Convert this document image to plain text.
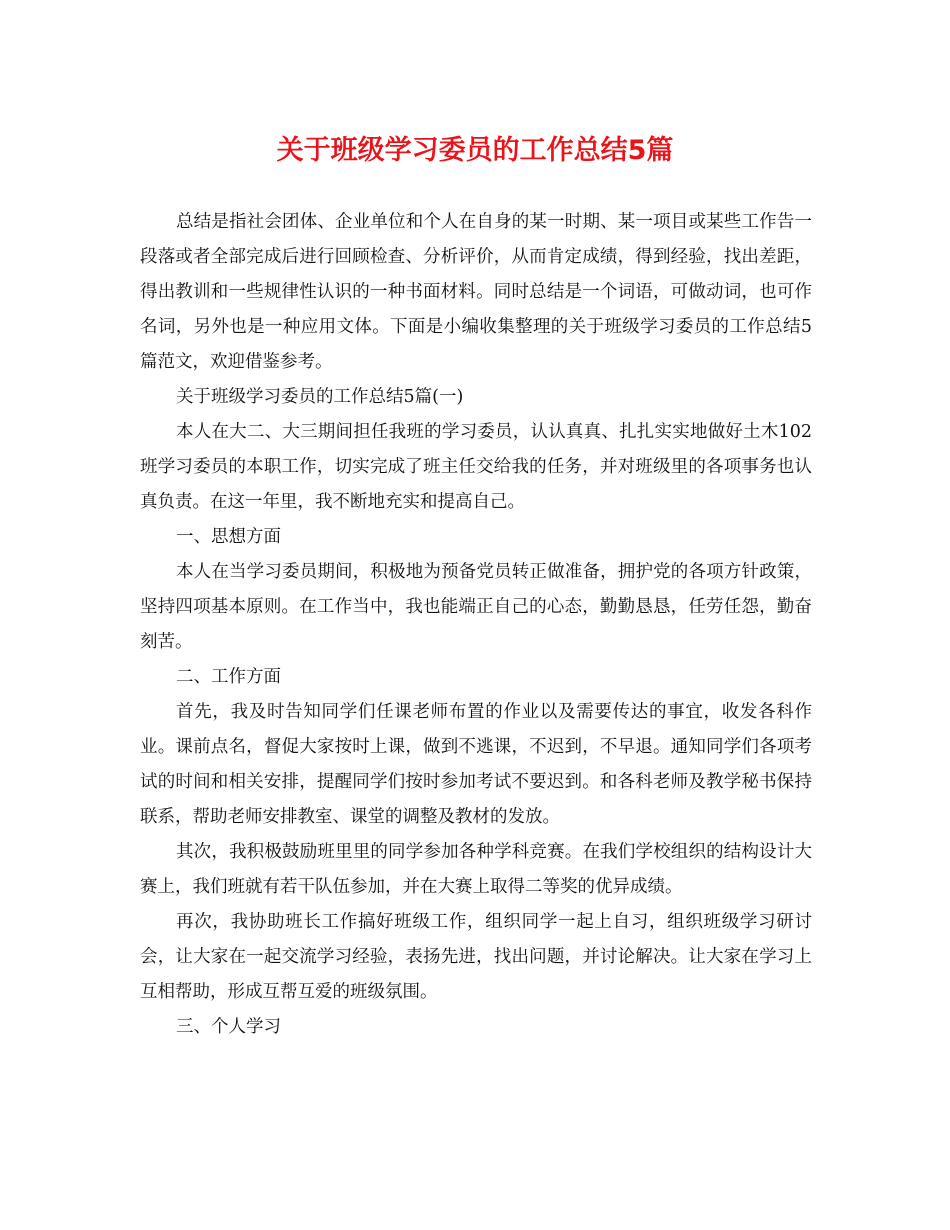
关于班级学习委员的工作总结5篇

总结是指社会团体、企业单位和个人在自身的某一时期、某一项目或某些工作告一段落或者全部完成后进行回顾检查、分析评价，从而肯定成绩，得到经验，找出差距，得出教训和一些规律性认识的一种书面材料。同时总结是一个词语，可做动词，也可作名词，另外也是一种应用文体。下面是小编收集整理的关于班级学习委员的工作总结5篇范文，欢迎借鉴参考。

关于班级学习委员的工作总结5篇(一)

本人在大二、大三期间担任我班的学习委员，认认真真、扎扎实实地做好土木102班学习委员的本职工作，切实完成了班主任交给我的任务，并对班级里的各项事务也认真负责。在这一年里，我不断地充实和提高自己。

一、思想方面

本人在当学习委员期间，积极地为预备党员转正做准备，拥护党的各项方针政策，坚持四项基本原则。在工作当中，我也能端正自己的心态，勤勤恳恳，任劳任怨，勤奋刻苦。

二、工作方面

首先，我及时告知同学们任课老师布置的作业以及需要传达的事宜，收发各科作业。课前点名，督促大家按时上课，做到不逃课，不迟到，不早退。通知同学们各项考试的时间和相关安排，提醒同学们按时参加考试不要迟到。和各科老师及教学秘书保持联系，帮助老师安排教室、课堂的调整及教材的发放。

其次，我积极鼓励班里里的同学参加各种学科竞赛。在我们学校组织的结构设计大赛上，我们班就有若干队伍参加，并在大赛上取得二等奖的优异成绩。

再次，我协助班长工作搞好班级工作，组织同学一起上自习，组织班级学习研讨会，让大家在一起交流学习经验，表扬先进，找出问题，并讨论解决。让大家在学习上互相帮助，形成互帮互爱的班级氛围。

三、个人学习
